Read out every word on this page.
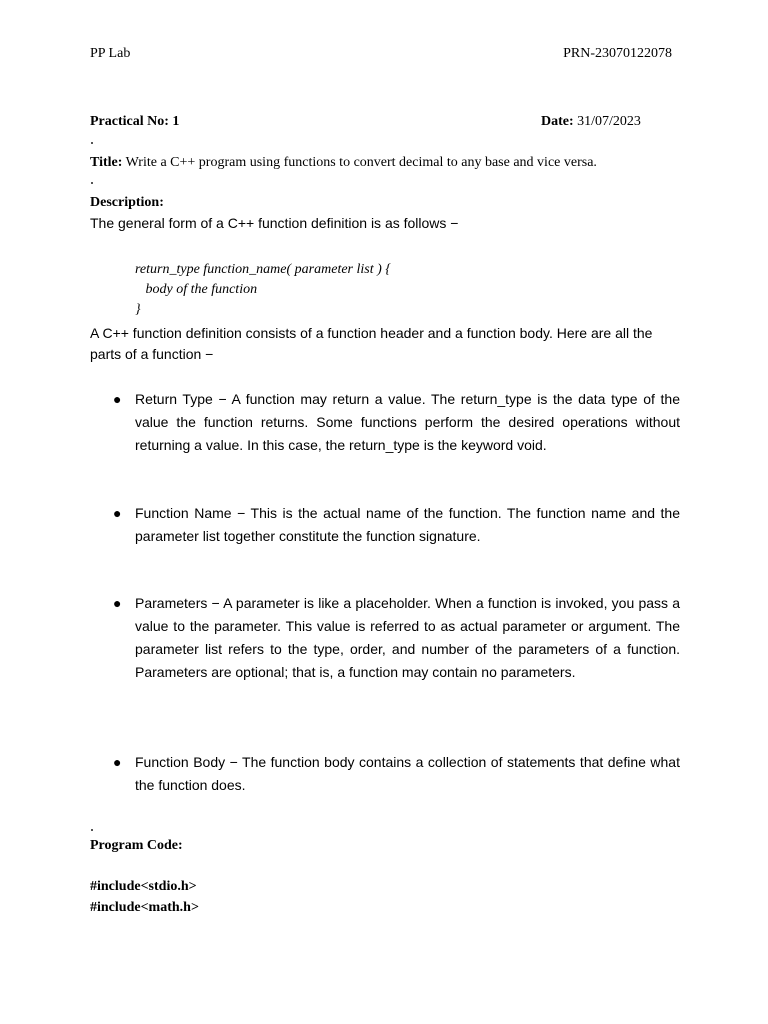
PP Lab	PRN-23070122078
Practical No: 1	Date: 31/07/2023
Title: Write a C++ program using functions to convert decimal to any base and vice versa.
Description:
The general form of a C++ function definition is as follows −
return_type function_name( parameter list ) {
body of the function
}
A C++ function definition consists of a function header and a function body. Here are all the parts of a function −
● Return Type − A function may return a value. The return_type is the data type of the value the function returns. Some functions perform the desired operations without returning a value. In this case, the return_type is the keyword void.
● Function Name − This is the actual name of the function. The function name and the parameter list together constitute the function signature.
● Parameters − A parameter is like a placeholder. When a function is invoked, you pass a value to the parameter. This value is referred to as actual parameter or argument. The parameter list refers to the type, order, and number of the parameters of a function. Parameters are optional; that is, a function may contain no parameters.
● Function Body − The function body contains a collection of statements that define what the function does.
Program Code:
#include<stdio.h>
#include<math.h>
